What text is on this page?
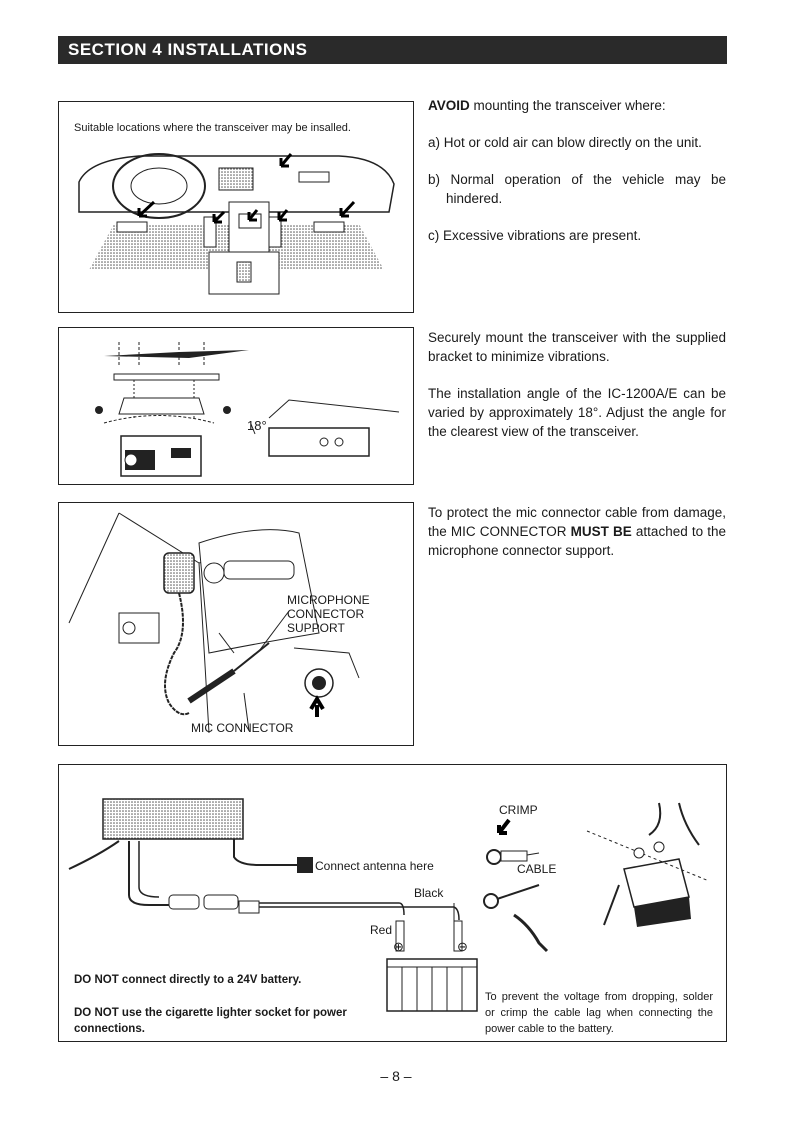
SECTION 4 INSTALLATIONS
Suitable locations where the transceiver may be insalled.

AVOID mounting the transceiver where:

a) Hot or cold air can blow directly on the unit.

b) Normal operation of the vehicle may be hindered.

c) Excessive vibrations are present.

18°

Securely mount the transceiver with the supplied bracket to minimize vibrations.

The installation angle of the IC-1200A/E can be varied by approximately 18°. Adjust the angle for the clearest view of the transceiver.

MICROPHONE
CONNECTOR
SUPPORT
MIC CONNECTOR

To protect the mic connector cable from damage, the MIC CONNECTOR MUST BE attached to the microphone connector support.

Connect antenna here
Black
Red
⊕	⊖
CRIMP
CABLE
DO NOT connect directly to a 24V battery.
DO NOT use the cigarette lighter socket for power connections.
To prevent the voltage from dropping, solder or crimp the cable lag when connecting the power cable to the battery.
– 8 –
